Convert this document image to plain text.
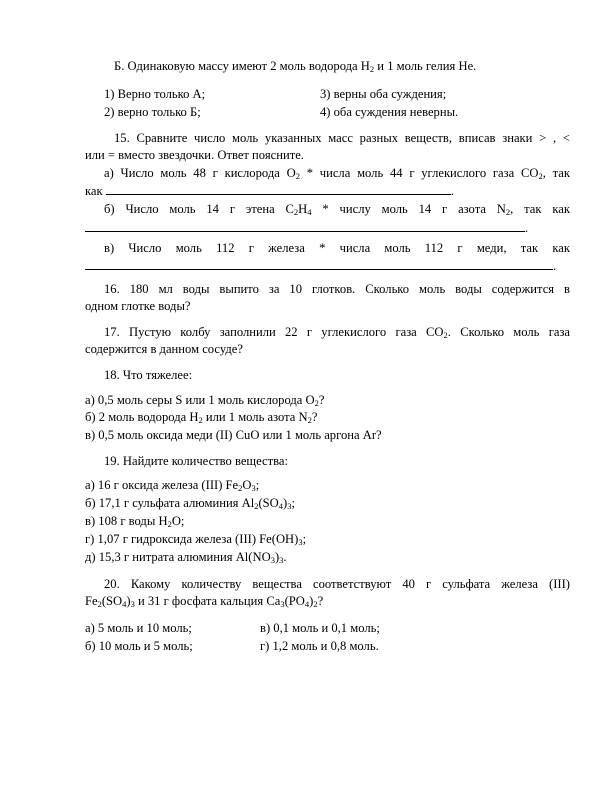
Б. Одинаковую массу имеют 2 моль водорода $H_2$ и 1 моль гелия He.
1) Верно только А;	3) верны оба суждения;
2) верно только Б;	4) оба суждения неверны.
15. Сравните число моль указанных масс разных веществ, вписав знаки > , <
или = вместо звездочки. Ответ поясните.
а) Число моль 48 г кислорода $O_2$ * числа моль 44 г углекислого газа $CO_2$, так
как	.
б) Число моль 14 г этена $C_2H_4$ * числу моль 14 г азота $N_2$, так как
.
в) Число моль 112 г железа * числа моль 112 г меди, так как
.
16. 180 мл воды выпито за 10 глотков. Сколько моль воды содержится в
одном глотке воды?
17. Пустую колбу заполнили 22 г углекислого газа $CO_2$. Сколько моль газа
содержится в данном сосуде?
18. Что тяжелее:
а) 0,5 моль серы S или 1 моль кислорода $O_2$?
б) 2 моль водорода $H_2$ или 1 моль азота $N_2$?
в) 0,5 моль оксида меди (II) CuO или 1 моль аргона Ar?
19. Найдите количество вещества:
а) 16 г оксида железа (III) $Fe_2O_3$;
б) 17,1 г сульфата алюминия $Al_2(SO_4)_3$;
в) 108 г воды $H_2O$;
г) 1,07 г гидроксида железа (III) $Fe(OH)_3$;
д) 15,3 г нитрата алюминия $Al(NO_3)_3$.
20. Какому количеству вещества соответствуют 40 г сульфата железа (III)
$Fe_2(SO_4)_3$ и 31 г фосфата кальция $Ca_3(PO_4)_2$?
а) 5 моль и 10 моль;	в) 0,1 моль и 0,1 моль;
б) 10 моль и 5 моль;	г) 1,2 моль и 0,8 моль.
